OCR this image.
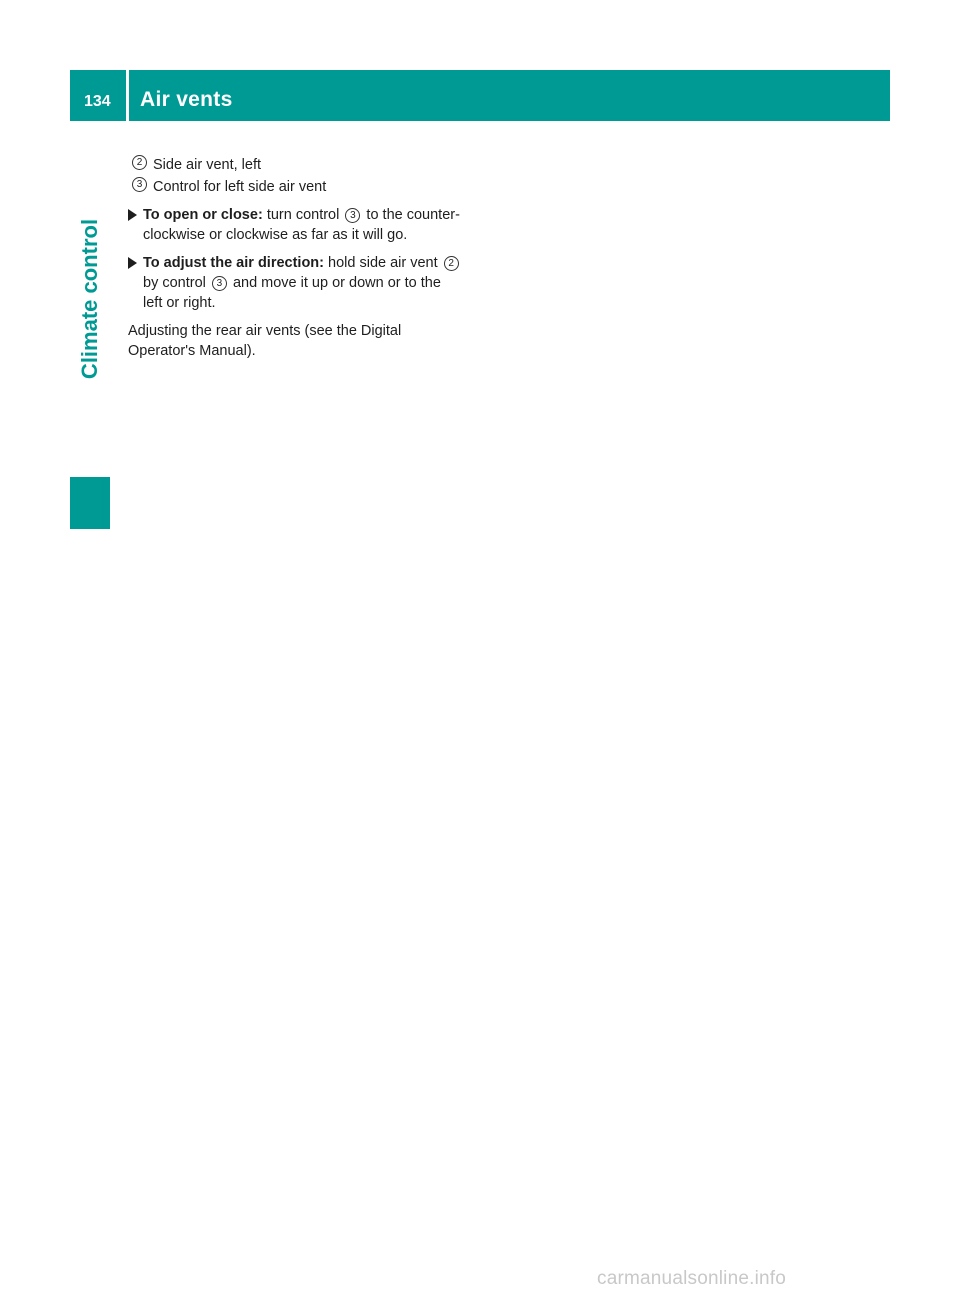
134 Air vents
Climate control
2 Side air vent, left
3 Control for left side air vent
To open or close: turn control 3 to the counter-clockwise or clockwise as far as it will go.
To adjust the air direction: hold side air vent 2 by control 3 and move it up or down or to the left or right.
Adjusting the rear air vents (see the Digital Operator's Manual).
carmanualsonline.info
